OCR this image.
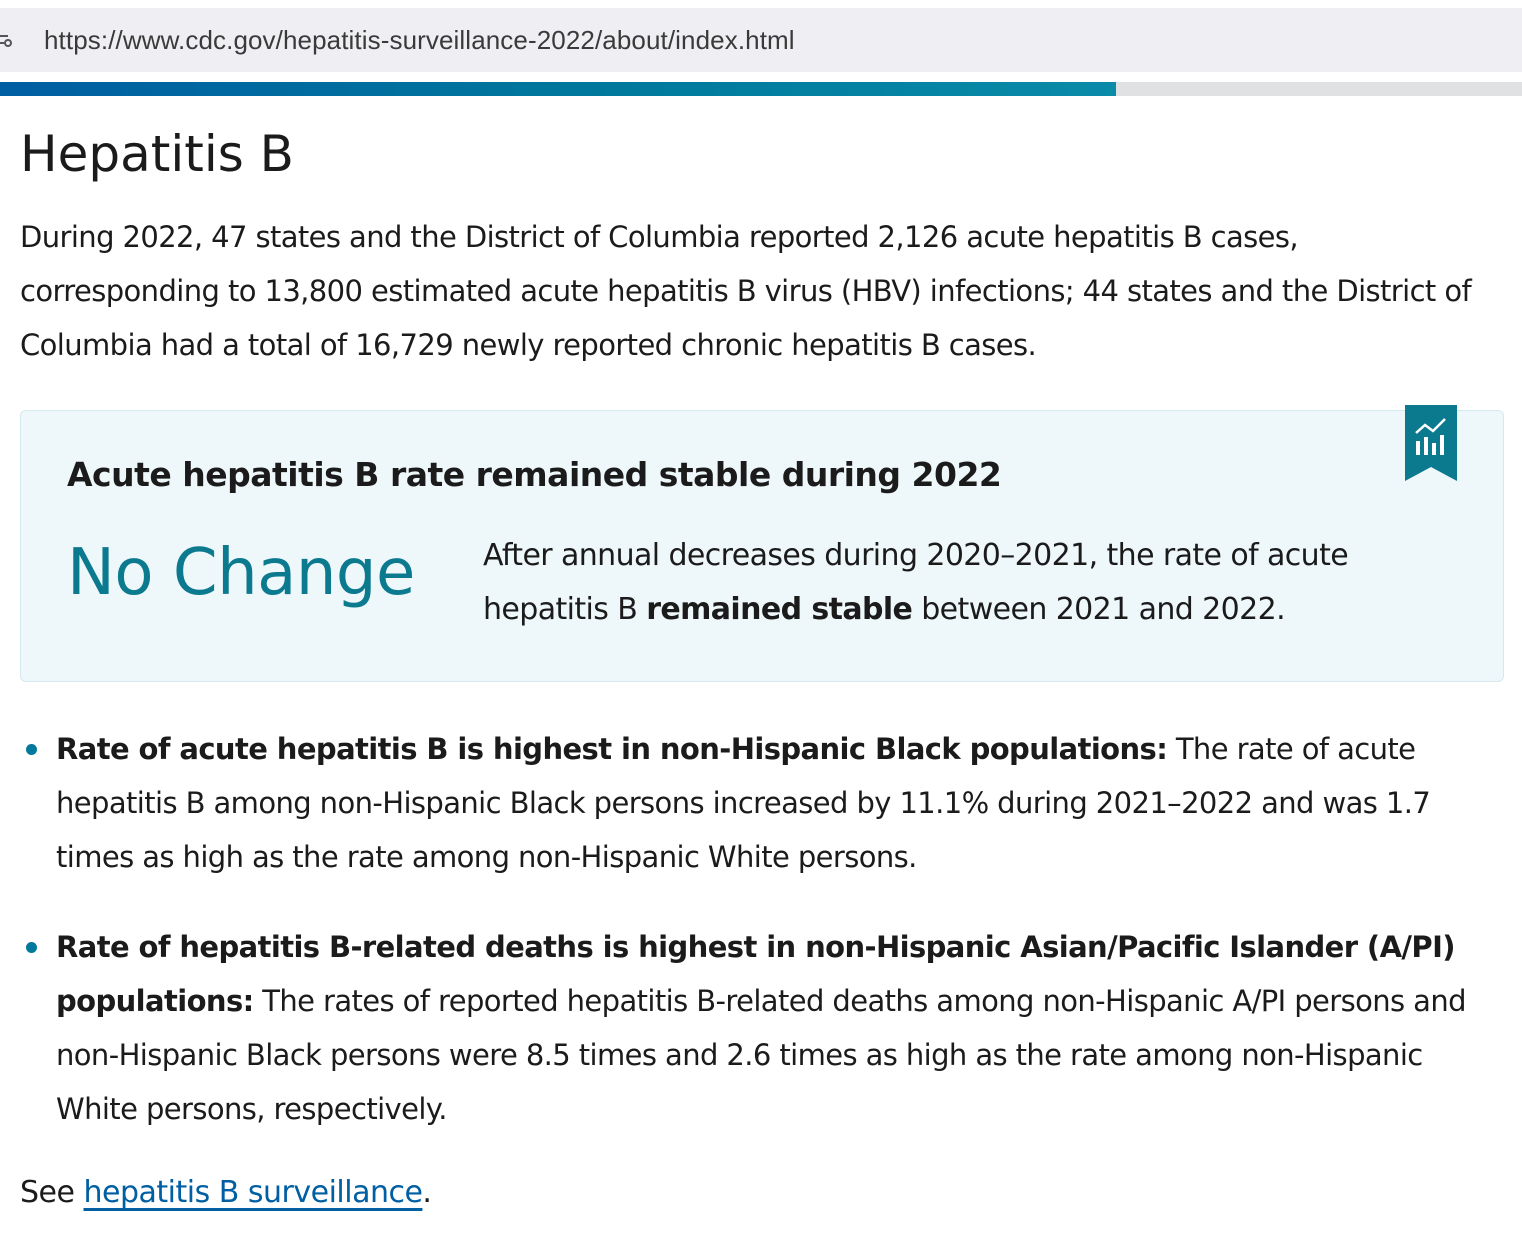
https://www.cdc.gov/hepatitis-surveillance-2022/about/index.html
Hepatitis B

During 2022, 47 states and the District of Columbia reported 2,126 acute hepatitis B cases, corresponding to 13,800 estimated acute hepatitis B virus (HBV) infections; 44 states and the District of Columbia had a total of 16,729 newly reported chronic hepatitis B cases.

Acute hepatitis B rate remained stable during 2022
No Change After annual decreases during 2020–2021, the rate of acute hepatitis B remained stable between 2021 and 2022.
Rate of acute hepatitis B is highest in non-Hispanic Black populations: The rate of acute hepatitis B among non-Hispanic Black persons increased by 11.1% during 2021–2022 and was 1.7 times as high as the rate among non-Hispanic White persons.
Rate of hepatitis B-related deaths is highest in non-Hispanic Asian/Pacific Islander (A/PI) populations: The rates of reported hepatitis B-related deaths among non-Hispanic A/PI persons and non-Hispanic Black persons were 8.5 times and 2.6 times as high as the rate among non-Hispanic White persons, respectively.
See hepatitis B surveillance.
